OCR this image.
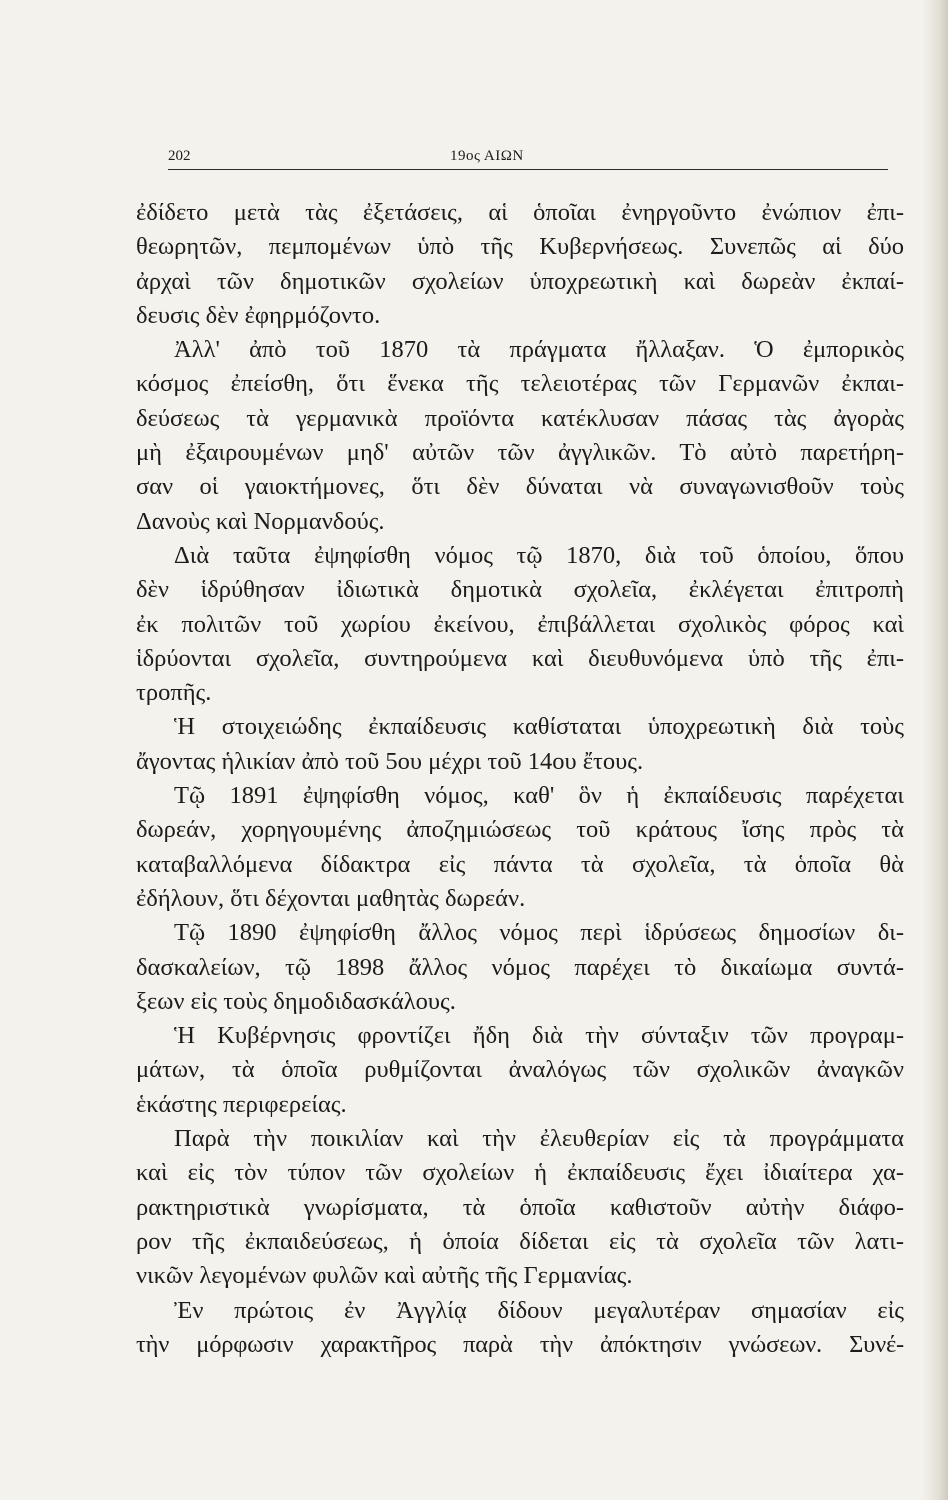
202	19ος ΑΙΩΝ
ἐδίδετο μετὰ τὰς ἐξετάσεις, αἱ ὁποῖαι ἐνηργοῦντο ἐνώπιον ἐπι-
θεωρητῶν, πεμπομένων ὑπὸ τῆς Κυβερνήσεως. Συνεπῶς αἱ δύο
ἀρχαὶ τῶν δημοτικῶν σχολείων ὑποχρεωτικὴ καὶ δωρεὰν ἐκπαί-
δευσις δὲν ἐφηρμόζοντο.
Ἀλλ' ἀπὸ τοῦ 1870 τὰ πράγματα ἤλλαξαν. Ὁ ἐμπορικὸς
κόσμος ἐπείσθη, ὅτι ἕνεκα τῆς τελειοτέρας τῶν Γερμανῶν ἐκπαι-
δεύσεως τὰ γερμανικὰ προϊόντα κατέκλυσαν πάσας τὰς ἀγορὰς
μὴ ἐξαιρουμένων μηδ' αὐτῶν τῶν ἀγγλικῶν. Τὸ αὐτὸ παρετήρη-
σαν οἱ γαιοκτήμονες, ὅτι δὲν δύναται νὰ συναγωνισθοῦν τοὺς
Δανοὺς καὶ Νορμανδούς.
Διὰ ταῦτα ἐψηφίσθη νόμος τῷ 1870, διὰ τοῦ ὁποίου, ὅπου
δὲν ἱδρύθησαν ἰδιωτικὰ δημοτικὰ σχολεῖα, ἐκλέγεται ἐπιτροπὴ
ἐκ πολιτῶν τοῦ χωρίου ἐκείνου, ἐπιβάλλεται σχολικὸς φόρος καὶ
ἱδρύονται σχολεῖα, συντηρούμενα καὶ διευθυνόμενα ὑπὸ τῆς ἐπι-
τροπῆς.
Ἡ στοιχειώδης ἐκπαίδευσις καθίσταται ὑποχρεωτικὴ διὰ τοὺς
ἄγοντας ἡλικίαν ἀπὸ τοῦ 5ου μέχρι τοῦ 14ου ἔτους.
Τῷ 1891 ἐψηφίσθη νόμος, καθ' ὃν ἡ ἐκπαίδευσις παρέχεται
δωρεάν, χορηγουμένης ἀποζημιώσεως τοῦ κράτους ἴσης πρὸς τὰ
καταβαλλόμενα δίδακτρα εἰς πάντα τὰ σχολεῖα, τὰ ὁποῖα θὰ
ἐδήλουν, ὅτι δέχονται μαθητὰς δωρεάν.
Τῷ 1890 ἐψηφίσθη ἄλλος νόμος περὶ ἱδρύσεως δημοσίων δι-
δασκαλείων, τῷ 1898 ἄλλος νόμος παρέχει τὸ δικαίωμα συντά-
ξεων εἰς τοὺς δημοδιδασκάλους.
Ἡ Κυβέρνησις φροντίζει ἤδη διὰ τὴν σύνταξιν τῶν προγραμ-
μάτων, τὰ ὁποῖα ρυθμίζονται ἀναλόγως τῶν σχολικῶν ἀναγκῶν
ἑκάστης περιφερείας.
Παρὰ τὴν ποικιλίαν καὶ τὴν ἐλευθερίαν εἰς τὰ προγράμματα
καὶ εἰς τὸν τύπον τῶν σχολείων ἡ ἐκπαίδευσις ἔχει ἰδιαίτερα χα-
ρακτηριστικὰ γνωρίσματα, τὰ ὁποῖα καθιστοῦν αὐτὴν διάφο-
ρον τῆς ἐκπαιδεύσεως, ἡ ὁποία δίδεται εἰς τὰ σχολεῖα τῶν λατι-
νικῶν λεγομένων φυλῶν καὶ αὐτῆς τῆς Γερμανίας.
Ἐν πρώτοις ἐν Ἀγγλίᾳ δίδουν μεγαλυτέραν σημασίαν εἰς
τὴν μόρφωσιν χαρακτῆρος παρὰ τὴν ἀπόκτησιν γνώσεων. Συνέ-
